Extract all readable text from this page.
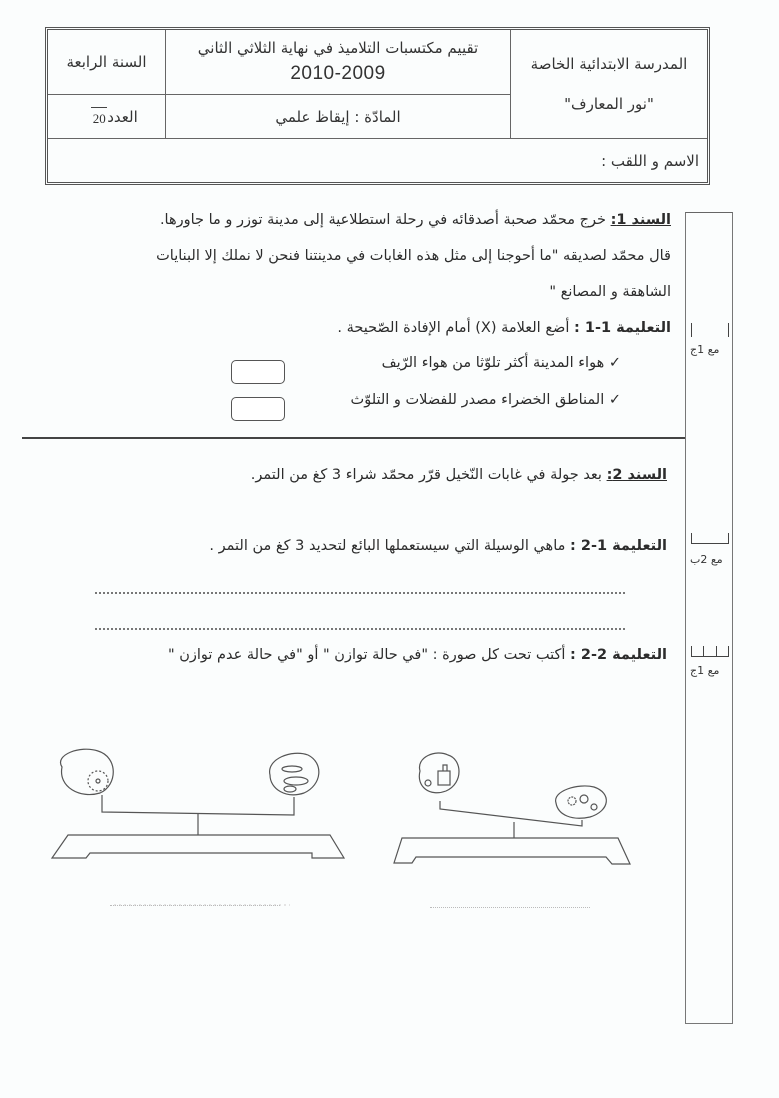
المدرسة الابتدائية الخاصة
"نور المعارف"
تقييم مكتسبات التلاميذ في نهاية الثلاثي الثاني
2010-2009
السنة الرابعة
المادّة : إيقاظ علمي
العدد
20
الاسم و اللقب :
مع 1ج
مع 2ب
مع 1ج
السند 1: خرج محمّد صحبة أصدقائه في رحلة استطلاعية إلى مدينة توزر و ما جاورها.
قال محمّد لصديقه "ما أحوجنا إلى مثل هذه الغابات في مدينتنا فنحن لا نملك إلا البنايات
الشاهقة و المصانع "
التعليمة 1-1 : أضع العلامة (X) أمام الإفادة الصّحيحة .
✓ هواء المدينة أكثر تلوّثا من هواء الرّيف
✓ المناطق الخضراء مصدر للفضلات و التلوّث
السند 2: بعد جولة في غابات النّخيل قرّر محمّد شراء 3 كغ من التمر.
التعليمة 1-2 : ماهي الوسيلة التي سيستعملها البائع لتحديد 3 كغ من التمر .
التعليمة 2-2 : أكتب تحت كل صورة : "في حالة توازن " أو "في حالة عدم توازن "
